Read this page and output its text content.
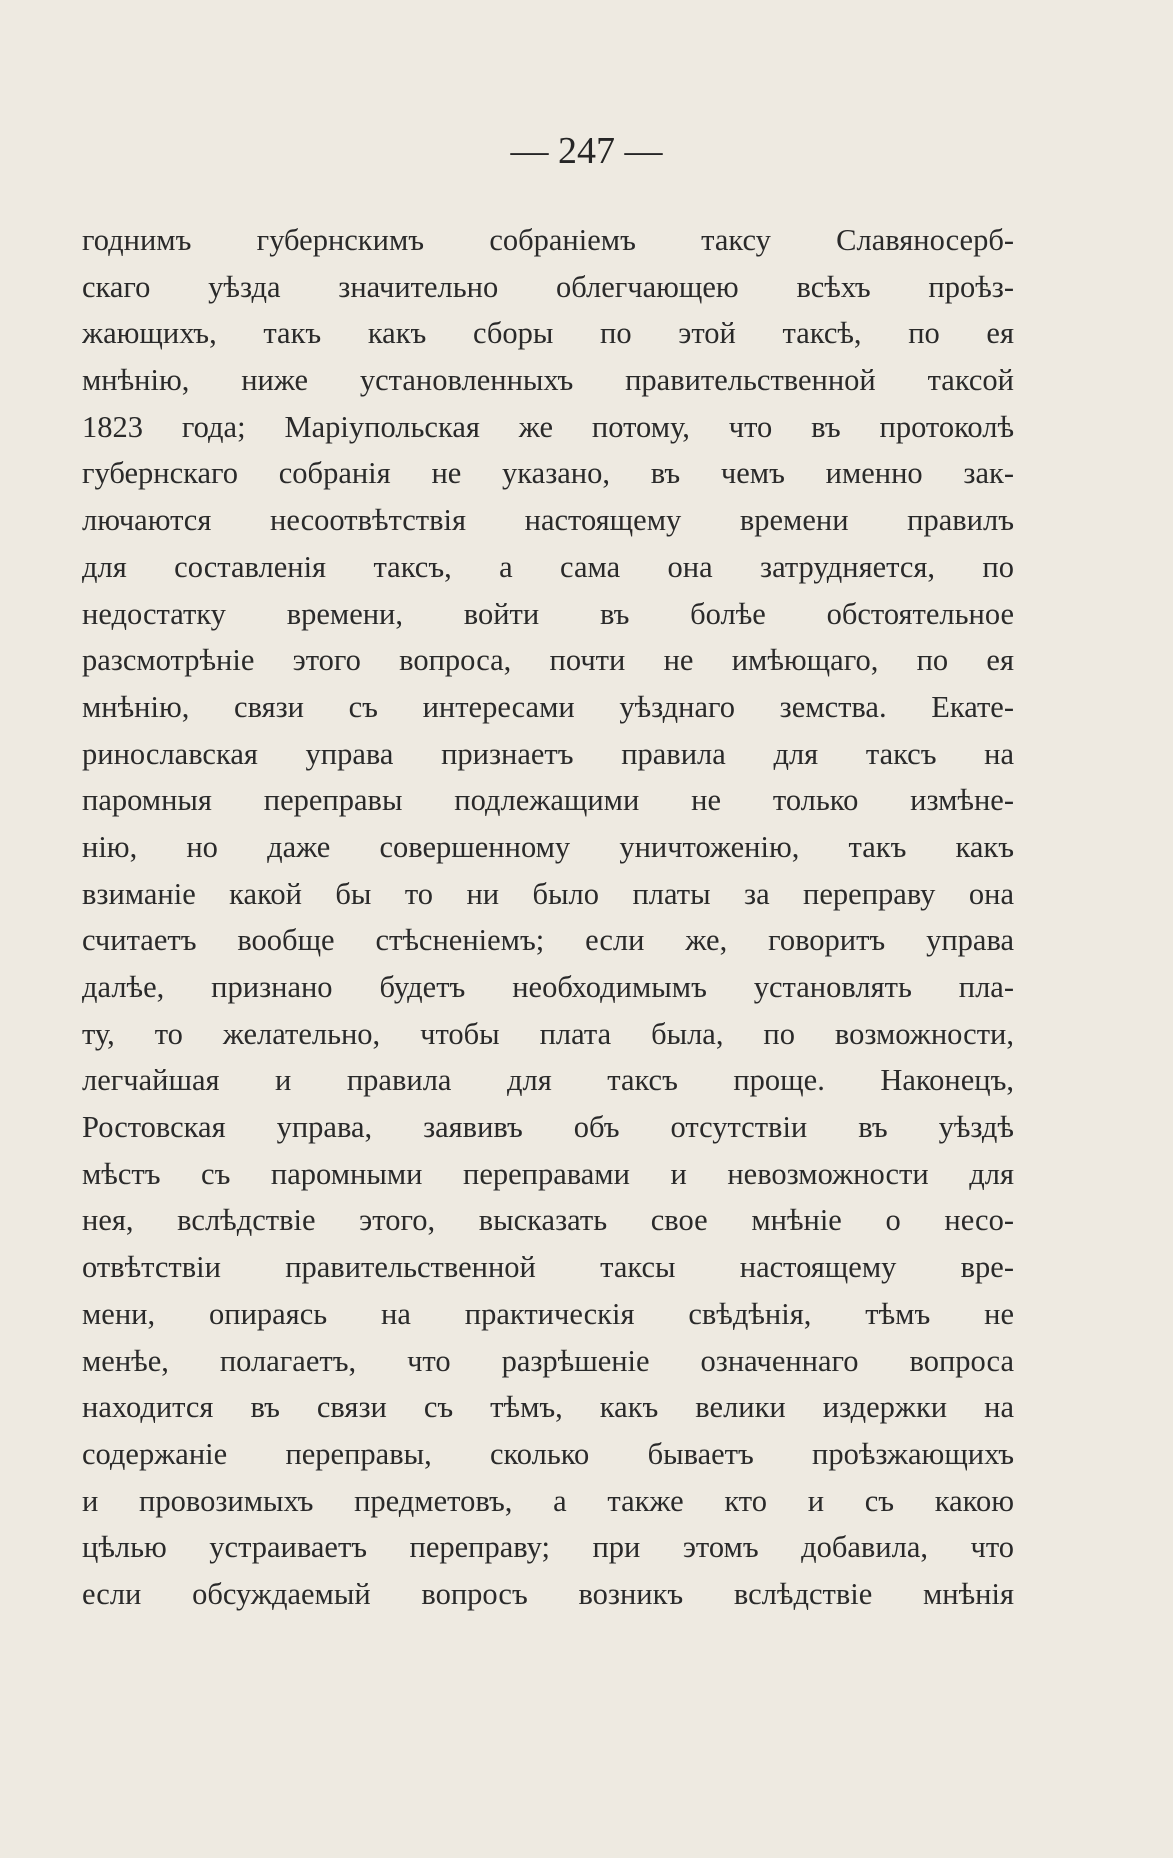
— 247 —
годнимъ губернскимъ собраніемъ таксу Славяносерб-
скаго уѣзда значительно облегчающею всѣхъ проѣз-
жающихъ, такъ какъ сборы по этой таксѣ, по ея
мнѣнію, ниже установленныхъ правительственной таксой
1823 года; Маріупольская же потому, что въ протоколѣ
губернскаго собранія не указано, въ чемъ именно зак-
лючаются несоотвѣтствія настоящему времени правилъ
для составленія таксъ, а сама она затрудняется, по
недостатку времени, войти въ болѣе обстоятельное
разсмотрѣніе этого вопроса, почти не имѣющаго, по ея
мнѣнію, связи съ интересами уѣзднаго земства. Екате-
ринославская управа признаетъ правила для таксъ на
паромныя переправы подлежащими не только измѣне-
нію, но даже совершенному уничтоженію, такъ какъ
взиманіе какой бы то ни было платы за переправу она
считаетъ вообще стѣсненіемъ; если же, говоритъ управа
далѣе, признано будетъ необходимымъ установлять пла-
ту, то желательно, чтобы плата была, по возможности,
легчайшая и правила для таксъ проще. Наконецъ,
Ростовская управа, заявивъ объ отсутствіи въ уѣздѣ
мѣстъ съ паромными переправами и невозможности для
нея, вслѣдствіе этого, высказать свое мнѣніе о несо-
отвѣтствіи правительственной таксы настоящему вре-
мени, опираясь на практическія свѣдѣнія, тѣмъ не
менѣе, полагаетъ, что разрѣшеніе означеннаго вопроса
находится въ связи съ тѣмъ, какъ велики издержки на
содержаніе переправы, сколько бываетъ проѣзжающихъ
и провозимыхъ предметовъ, а также кто и съ какою
цѣлью устраиваетъ переправу; при этомъ добавила, что
если обсуждаемый вопросъ возникъ вслѣдствіе мнѣнія
